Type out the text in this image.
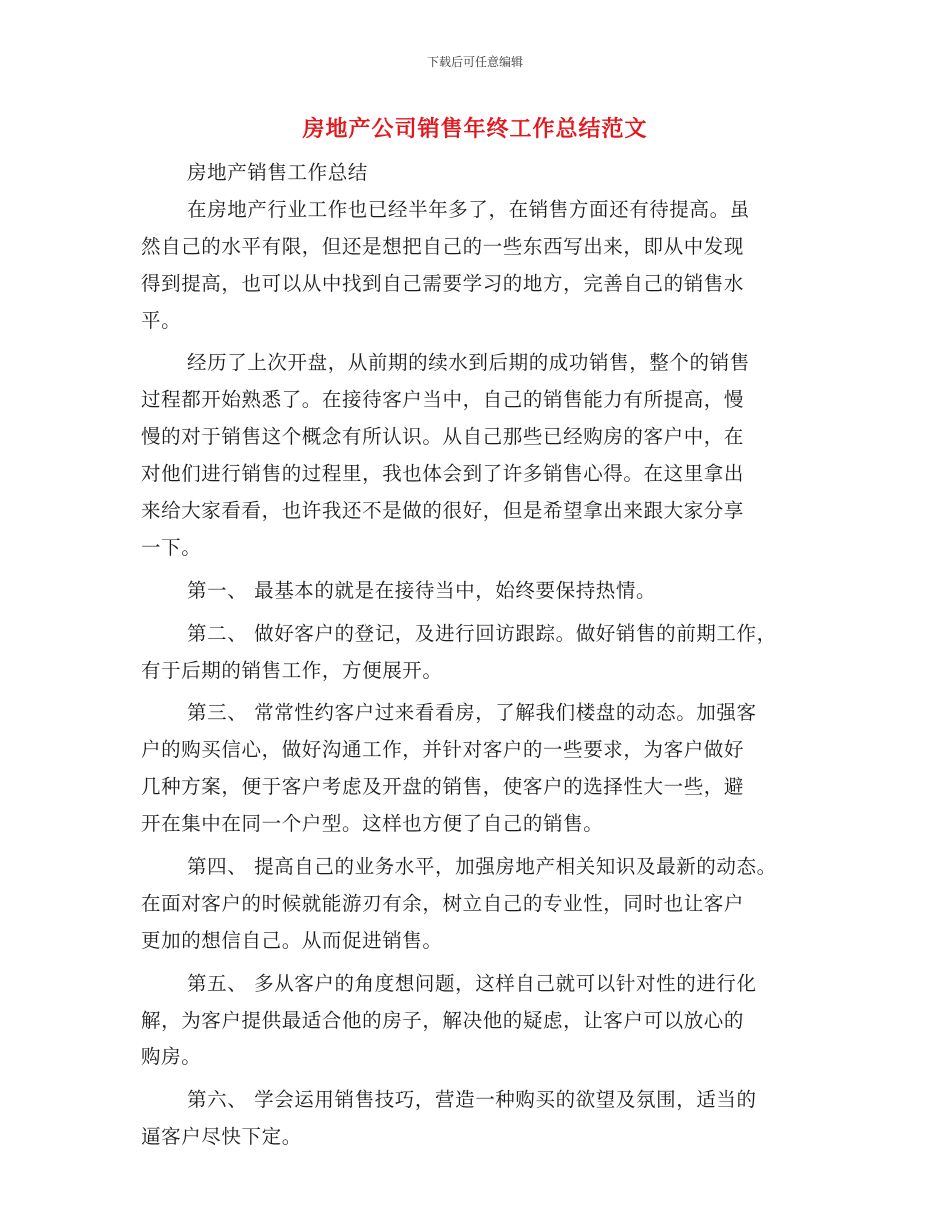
下载后可任意编辑
房地产公司销售年终工作总结范文
房地产销售工作总结
在房地产行业工作也已经半年多了，在销售方面还有待提高。虽
然自己的水平有限，但还是想把自己的一些东西写出来，即从中发现
得到提高，也可以从中找到自己需要学习的地方，完善自己的销售水
平。
经历了上次开盘，从前期的续水到后期的成功销售，整个的销售
过程都开始熟悉了。在接待客户当中，自己的销售能力有所提高，慢
慢的对于销售这个概念有所认识。从自己那些已经购房的客户中，在
对他们进行销售的过程里，我也体会到了许多销售心得。在这里拿出
来给大家看看，也许我还不是做的很好，但是希望拿出来跟大家分享
一下。
第一、 最基本的就是在接待当中，始终要保持热情。
第二、 做好客户的登记，及进行回访跟踪。做好销售的前期工作，
有于后期的销售工作，方便展开。
第三、 常常性约客户过来看看房，了解我们楼盘的动态。加强客
户的购买信心，做好沟通工作，并针对客户的一些要求，为客户做好
几种方案，便于客户考虑及开盘的销售，使客户的选择性大一些，避
开在集中在同一个户型。这样也方便了自己的销售。
第四、 提高自己的业务水平，加强房地产相关知识及最新的动态。
在面对客户的时候就能游刃有余，树立自己的专业性，同时也让客户
更加的想信自己。从而促进销售。
第五、 多从客户的角度想问题，这样自己就可以针对性的进行化
解，为客户提供最适合他的房子，解决他的疑虑，让客户可以放心的
购房。
第六、 学会运用销售技巧，营造一种购买的欲望及氛围，适当的
逼客户尽快下定。
